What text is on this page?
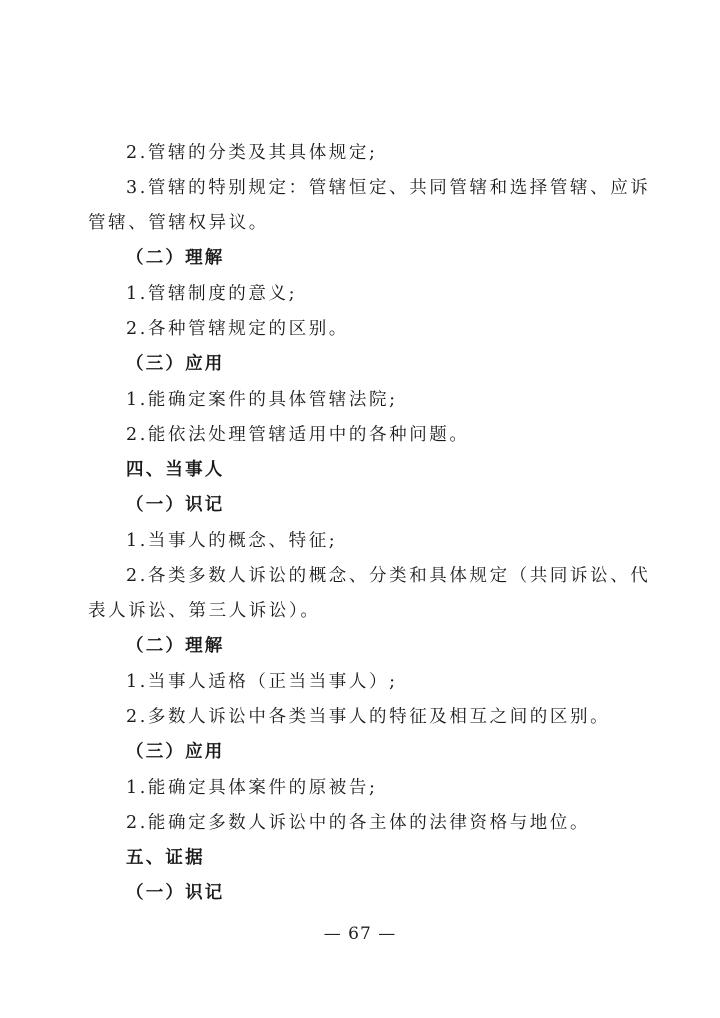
2.管辖的分类及其具体规定;
3.管辖的特别规定：管辖恒定、共同管辖和选择管辖、应诉
管辖、管辖权异议。
（二）理解
1.管辖制度的意义;
2.各种管辖规定的区别。
（三）应用
1.能确定案件的具体管辖法院;
2.能依法处理管辖适用中的各种问题。
四、当事人
（一）识记
1.当事人的概念、特征;
2.各类多数人诉讼的概念、分类和具体规定（共同诉讼、代
表人诉讼、第三人诉讼）。
（二）理解
1.当事人适格（正当当事人）;
2.多数人诉讼中各类当事人的特征及相互之间的区别。
（三）应用
1.能确定具体案件的原被告;
2.能确定多数人诉讼中的各主体的法律资格与地位。
五、证据
（一）识记
— 67 —
